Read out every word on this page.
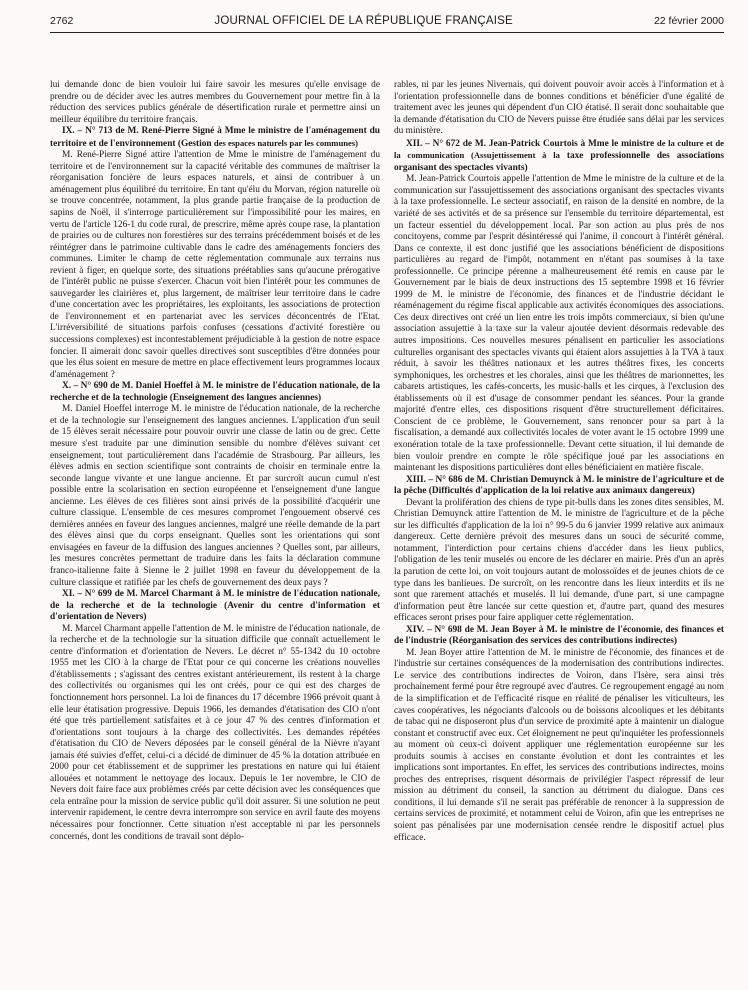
2762	JOURNAL OFFICIEL DE LA RÉPUBLIQUE FRANÇAISE	22 février 2000

lui demande donc de bien vouloir lui faire savoir les mesures qu'elle envisage de prendre ou de décider avec les autres membres du Gouvernement pour mettre fin à la réduction des services publics générale de désertification rurale et permettre ainsi un meilleur équilibre du territoire français.

IX. – N° 713 de M. René-Pierre Signé à Mme le ministre de l'aménagement du territoire et de l'environnement (Gestion des espaces naturels par les communes)

M. René-Pierre Signé attire l'attention de Mme le ministre de l'aménagement du territoire et de l'environnement sur la capacité véritable des communes de maîtriser la réorganisation foncière de leurs espaces naturels, et ainsi de contribuer à un aménagement plus équilibré du territoire. En tant qu'élu du Morvan, région naturelle où se trouve concentrée, notamment, la plus grande partie française de la production de sapins de Noël, il s'interroge particulièrement sur l'impossibilité pour les maires, en vertu de l'article 126-1 du code rural, de prescrire, même après coupe rase, la plantation de prairies ou de cultures non forestières sur des terrains précédemment boisés et de les réintégrer dans le patrimoine cultivable dans le cadre des aménagements fonciers des communes. Limiter le champ de cette réglementation communale aux terrains nus revient à figer, en quelque sorte, des situations préétablies sans qu'aucune prérogative de l'intérêt public ne puisse s'exercer. Chacun voit bien l'intérêt pour les communes de sauvegarder les clairières et, plus largement, de maîtriser leur territoire dans le cadre d'une concertation avec les propriétaires, les exploitants, les associations de protection de l'environnement et en partenariat avec les services déconcentrés de l'Etat. L'irréversibilité de situations parfois confuses (cessations d'activité forestière ou successions complexes) est incontestablement préjudiciable à la gestion de notre espace foncier. Il aimerait donc savoir quelles directives sont susceptibles d'être données pour que les élus soient en mesure de mettre en place effectivement leurs programmes locaux d'aménagement ?

X. – N° 690 de M. Daniel Hoeffel à M. le ministre de l'éducation nationale, de la recherche et de la technologie (Enseignement des langues anciennes)

M. Daniel Hoeffel interroge M. le ministre de l'éducation nationale, de la recherche et de la technologie sur l'enseignement des langues anciennes. L'application d'un seuil de 15 élèves serait nécessaire pour pouvoir ouvrir une classe de latin ou de grec. Cette mesure s'est traduite par une diminution sensible du nombre d'élèves suivant cet enseignement, tout particulièrement dans l'académie de Strasbourg. Par ailleurs, les élèves admis en section scientifique sont contraints de choisir en terminale entre la seconde langue vivante et une langue ancienne. Et par surcroît aucun cumul n'est possible entre la scolarisation en section européenne et l'enseignement d'une langue ancienne. Les élèves de ces filières sont ainsi privés de la possibilité d'acquérir une culture classique. L'ensemble de ces mesures compromet l'engouement observé ces dernières années en faveur des langues anciennes, malgré une réelle demande de la part des élèves ainsi que du corps enseignant. Quelles sont les orientations qui sont envisagées en faveur de la diffusion des langues anciennes ? Quelles sont, par ailleurs, les mesures concrètes permettant de traduire dans les faits la déclaration commune franco-italienne faite à Sienne le 2 juillet 1998 en faveur du développement de la culture classique et ratifiée par les chefs de gouvernement des deux pays ?

XI. – N° 699 de M. Marcel Charmant à M. le ministre de l'éducation nationale, de la recherche et de la technologie (Avenir du centre d'information et d'orientation de Nevers)

M. Marcel Charmant appelle l'attention de M. le ministre de l'éducation nationale, de la recherche et de la technologie sur la situation difficile que connaît actuellement le centre d'information et d'orientation de Nevers. Le décret n° 55-1342 du 10 octobre 1955 met les CIO à la charge de l'Etat pour ce qui concerne les créations nouvelles d'établissements ; s'agissant des centres existant antérieurement, ils restent à la charge des collectivités ou organismes qui les ont créés, pour ce qui est des charges de fonctionnement hors personnel. La loi de finances du 17 décembre 1966 prévoit quant à elle leur étatisation progressive. Depuis 1966, les demandes d'étatisation des CIO n'ont été que très partiellement satisfaites et à ce jour 47 % des centres d'information et d'orientations sont toujours à la charge des collectivités. Les demandes répétées d'étatisation du CIO de Nevers déposées par le conseil général de la Nièvre n'ayant jamais été suivies d'effet, celui-ci a décidé de diminuer de 45 % la dotation attribuée en 2000 pour cet établissement et de supprimer les prestations en nature qui lui étaient allouées et notamment le nettoyage des locaux. Depuis le 1er novembre, le CIO de Nevers doit faire face aux problèmes créés par cette décision avec les conséquences que cela entraîne pour la mission de service public qu'il doit assurer. Si une solution ne peut intervenir rapidement, le centre devra interrompre son service en avril faute des moyens nécessaires pour fonctionner. Cette situation n'est acceptable ni par les personnels concernés, dont les conditions de travail sont déplo-

rables, ni par les jeunes Nivernais, qui doivent pouvoir avoir accès à l'information et à l'orientation professionnelle dans de bonnes conditions et bénéficier d'une égalité de traitement avec les jeunes qui dépendent d'un CIO étatisé. Il serait donc souhaitable que la demande d'étatisation du CIO de Nevers puisse être étudiée sans délai par les services du ministère.

XII. – N° 672 de M. Jean-Patrick Courtois à Mme le ministre de la culture et de la communication (Assujettissement à la taxe professionnelle des associations organisant des spectacles vivants)

M. Jean-Patrick Courtois appelle l'attention de Mme le ministre de la culture et de la communication sur l'assujettissement des associations organisant des spectacles vivants à la taxe professionnelle. Le secteur associatif, en raison de la densité en nombre, de la variété de ses activités et de sa présence sur l'ensemble du territoire départemental, est un facteur essentiel du développement local. Par son action au plus près de nos concitoyens, comme par l'esprit désintéressé qui l'anime, il concourt à l'intérêt général. Dans ce contexte, il est donc justifié que les associations bénéficient de dispositions particulières au regard de l'impôt, notamment en n'étant pas soumises à la taxe professionnelle. Ce principe pérenne a malheureusement été remis en cause par le Gouvernement par le biais de deux instructions des 15 septembre 1998 et 16 février 1999 de M. le ministre de l'économie, des finances et de l'industrie décidant le réaménagement du régime fiscal applicable aux activités économiques des associations. Ces deux directives ont créé un lien entre les trois impôts commerciaux, si bien qu'une association assujettie à la taxe sur la valeur ajoutée devient désormais redevable des autres impositions. Ces nouvelles mesures pénalisent en particulier les associations culturelles organisant des spectacles vivants qui étaient alors assujetties à la TVA à taux réduit, à savoir les théâtres nationaux et les autres théâtres fixes, les concerts symphoniques, les orchestres et les chorales, ainsi que les théâtres de marionnettes, les cabarets artistiques, les cafés-concerts, les music-halls et les cirques, à l'exclusion des établissements où il est d'usage de consommer pendant les séances. Pour la grande majorité d'entre elles, ces dispositions risquent d'être structurellement déficitaires. Conscient de ce problème, le Gouvernement, sans renoncer pour sa part à la fiscalisation, a demandé aux collectivités locales de voter avant le 15 octobre 1999 une exonération totale de la taxe professionnelle. Devant cette situation, il lui demande de bien vouloir prendre en compte le rôle spécifique joué par les associations en maintenant les dispositions particulières dont elles bénéficiaient en matière fiscale.

XIII. – N° 686 de M. Christian Demuynck à M. le ministre de l'agriculture et de la pêche (Difficultés d'application de la loi relative aux animaux dangereux)

Devant la prolifération des chiens de type pit-bulls dans les zones dites sensibles, M. Christian Demuynck attire l'attention de M. le ministre de l'agriculture et de la pêche sur les difficultés d'application de la loi n° 99-5 du 6 janvier 1999 relative aux animaux dangereux. Cette dernière prévoit des mesures dans un souci de sécurité comme, notamment, l'interdiction pour certains chiens d'accéder dans les lieux publics, l'obligation de les tenir muselés ou encore de les déclarer en mairie. Près d'un an après la parution de cette loi, on voit toujours autant de molossoïdes et de jeunes chiots de ce type dans les banlieues. De surcroît, on les rencontre dans les lieux interdits et ils ne sont que rarement attachés et muselés. Il lui demande, d'une part, si une campagne d'information peut être lancée sur cette question et, d'autre part, quand des mesures efficaces seront prises pour faire appliquer cette réglementation.

XIV. – N° 698 de M. Jean Boyer à M. le ministre de l'économie, des finances et de l'industrie (Réorganisation des services des contributions indirectes)

M. Jean Boyer attire l'attention de M. le ministre de l'économie, des finances et de l'industrie sur certaines conséquences de la modernisation des contributions indirectes. Le service des contributions indirectes de Voiron, dans l'Isère, sera ainsi très prochainement fermé pour être regroupé avec d'autres. Ce regroupement engagé au nom de la simplification et de l'efficacité risque en réalité de pénaliser les viticulteurs, les caves coopératives, les négociants d'alcools ou de boissons alcooliques et les débitants de tabac qui ne disposeront plus d'un service de proximité apte à maintenir un dialogue constant et constructif avec eux. Cet éloignement ne peut qu'inquiéter les professionnels au moment où ceux-ci doivent appliquer une réglementation européenne sur les produits soumis à accises en constante évolution et dont les contraintes et les implications sont importantes. En effet, les services des contributions indirectes, moins proches des entreprises, risquent désormais de privilégier l'aspect répressif de leur mission au détriment du conseil, la sanction au détriment du dialogue. Dans ces conditions, il lui demande s'il ne serait pas préférable de renoncer à la suppression de certains services de proximité, et notamment celui de Voiron, afin que les entreprises ne soient pas pénalisées par une modernisation censée rendre le dispositif actuel plus efficace.
